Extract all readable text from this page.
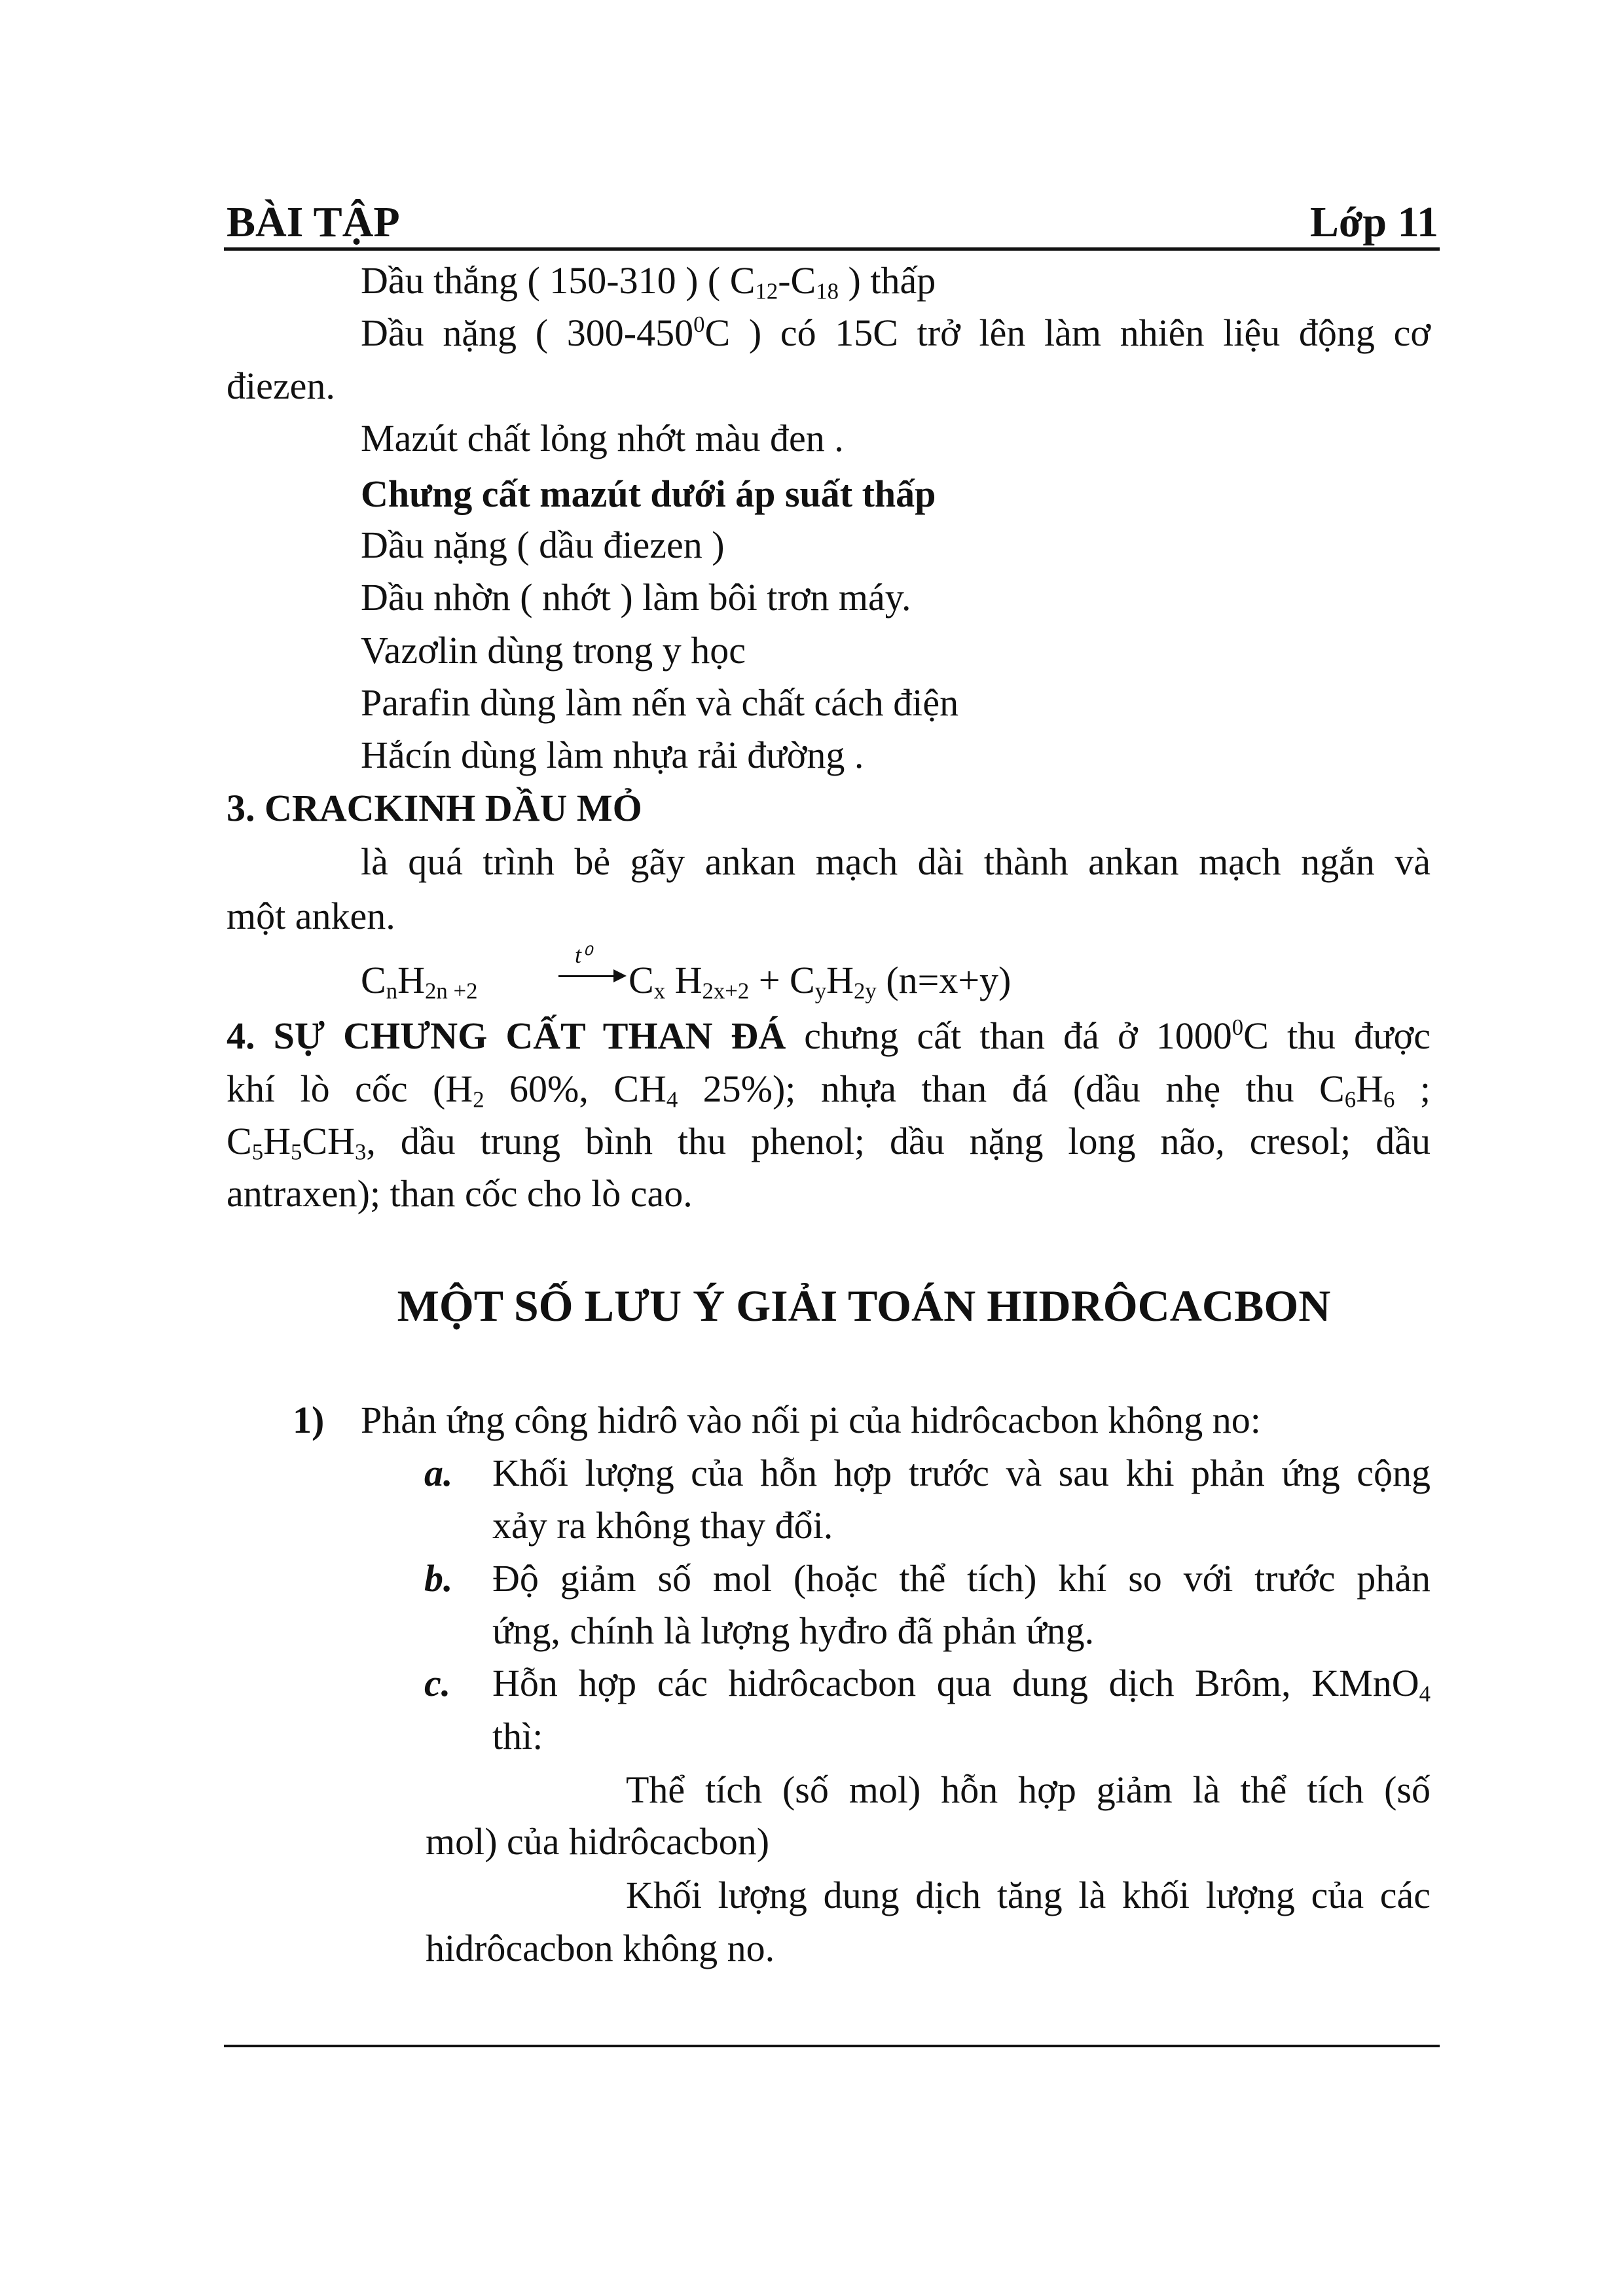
BÀI TẬP	Lớp 11
Dầu thắng ( 150-310 ) ( $C_{12}-C_{18}$ ) thấp
Dầu nặng ( $300-450^0C$ ) có 15C trở lên làm nhiên liệu động cơ
điezen.
Mazút chất lỏng nhớt màu đen .
Chưng cất mazút dưới áp suất thấp
Dầu nặng ( dầu điezen )
Dầu nhờn ( nhớt ) làm bôi trơn máy.
Vazơlin dùng trong y học
Parafin dùng làm nến và chất cách điện
Hắcín dùng làm nhựa rải đường .
3. CRACKINH DẦU MỎ
là quá trình bẻ gãy ankan mạch dài thành ankan mạch ngắn và
một anken.
$C_nH_{2n +2}$
t⁰
$C_x$ $H_{2x+2} + C_yH_{2y}$ (n=x+y)
4. SỰ CHƯNG CẤT THAN ĐÁ chưng cất than đá ở 1000$^0$C thu được
khí lò cốc ($H_2$ 60%, $CH_4$ 25%); nhựa than đá (dầu nhẹ thu $C_6H_6$ ;
$C_5H_5CH_3$, dầu trung bình thu phenol; dầu nặng long não, cresol; dầu
antraxen); than cốc cho lò cao.
MỘT SỐ LƯU Ý GIẢI TOÁN HIDRÔCACBON
1) Phản ứng công hidrô vào nối pi của hidrôcacbon không no:
a. Khối lượng của hỗn hợp trước và sau khi phản ứng cộng
xảy ra không thay đổi.
b. Độ giảm số mol (hoặc thể tích) khí so với trước phản
ứng, chính là lượng hyđro đã phản ứng.
c. Hỗn hợp các hidrôcacbon qua dung dịch Brôm, KMnO$_4$
thì:
Thể tích (số mol) hỗn hợp giảm là thể tích (số
mol) của hidrôcacbon)
Khối lượng dung dịch tăng là khối lượng của các
hidrôcacbon không no.
